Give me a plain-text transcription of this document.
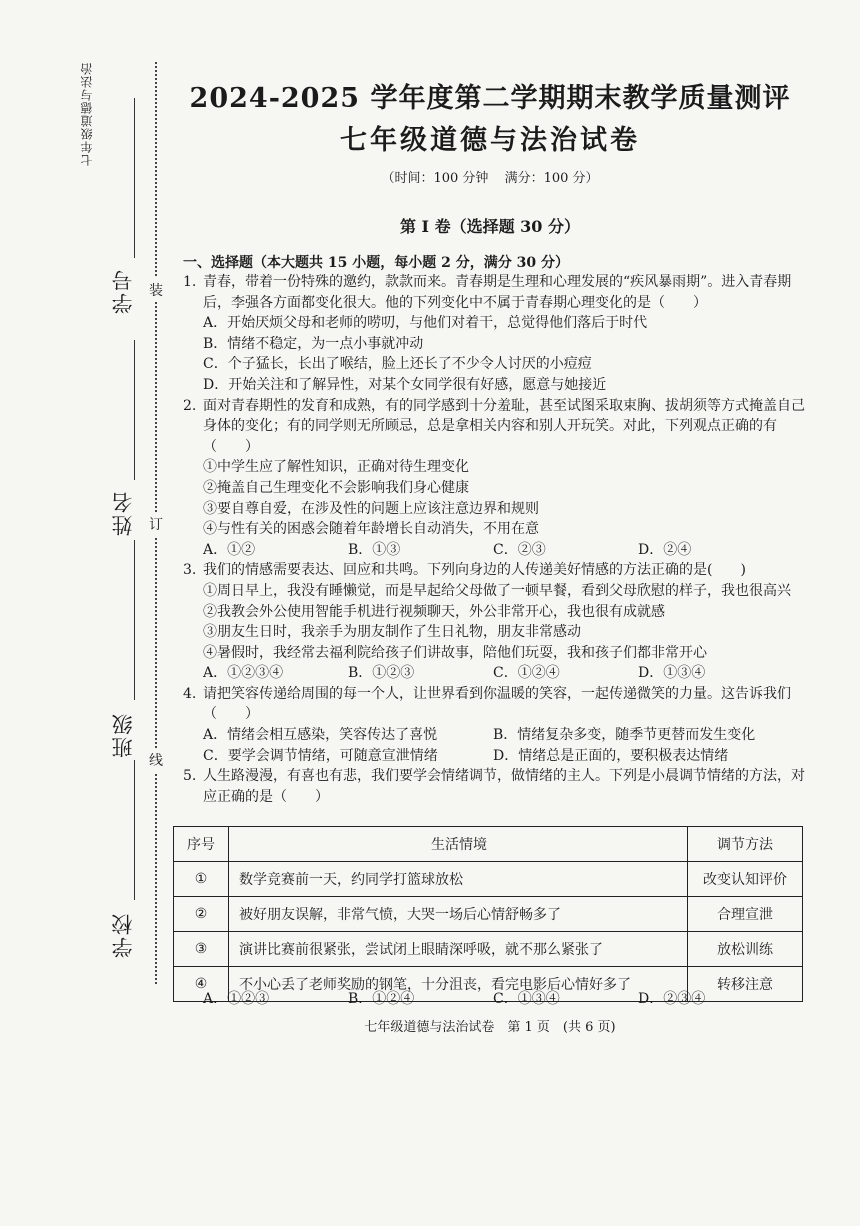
七年级道德与法治
学号
姓名
班级
学校
装
订
线
2024-2025 学年度第二学期期末教学质量测评
七年级道德与法治试卷
（时间：100 分钟 满分：100 分）
第 I 卷（选择题 30 分）
一、选择题（本大题共 15 小题，每小题 2 分，满分 30 分）
1. 青春，带着一份特殊的邀约，款款而来。青春期是生理和心理发展的“疾风暴雨期”。进入青春期后，李强各方面都变化很大。他的下列变化中不属于青春期心理变化的是（　　）
A．开始厌烦父母和老师的唠叨，与他们对着干，总觉得他们落后于时代
B．情绪不稳定，为一点小事就冲动
C．个子猛长，长出了喉结，脸上还长了不少令人讨厌的小痘痘
D．开始关注和了解异性，对某个女同学很有好感，愿意与她接近
2. 面对青春期性的发育和成熟，有的同学感到十分羞耻，甚至试图采取束胸、拔胡须等方式掩盖自己身体的变化；有的同学则无所顾忌，总是拿相关内容和别人开玩笑。对此，下列观点正确的有（　　）
①中学生应了解性知识，正确对待生理变化
②掩盖自己生理变化不会影响我们身心健康
③要自尊自爱，在涉及性的问题上应该注意边界和规则
④与性有关的困惑会随着年龄增长自动消失，不用在意
A．①②	B．①③	C．②③	D．②④
3. 我们的情感需要表达、回应和共鸣。下列向身边的人传递美好情感的方法正确的是(　　)
①周日早上，我没有睡懒觉，而是早起给父母做了一顿早餐，看到父母欣慰的样子，我也很高兴
②我教会外公使用智能手机进行视频聊天，外公非常开心，我也很有成就感
③朋友生日时，我亲手为朋友制作了生日礼物，朋友非常感动
④暑假时，我经常去福利院给孩子们讲故事，陪他们玩耍，我和孩子们都非常开心
A．①②③④	B．①②③	C．①②④	D．①③④
4. 请把笑容传递给周围的每一个人，让世界看到你温暖的笑容，一起传递微笑的力量。这告诉我们（　　）
A．情绪会相互感染，笑容传达了喜悦	B．情绪复杂多变，随季节更替而发生变化
C．要学会调节情绪，可随意宣泄情绪	D．情绪总是正面的，要积极表达情绪
5. 人生路漫漫，有喜也有悲，我们要学会情绪调节，做情绪的主人。下列是小晨调节情绪的方法，对应正确的是（　　）
序号	生活情境	调节方法
①	数学竞赛前一天，约同学打篮球放松	改变认知评价
②	被好朋友误解，非常气愤，大哭一场后心情舒畅多了	合理宣泄
③	演讲比赛前很紧张，尝试闭上眼睛深呼吸，就不那么紧张了	放松训练
④	不小心丢了老师奖励的钢笔，十分沮丧，看完电影后心情好多了	转移注意
A．①②③	B．①②④	C．①③④	D．②③④
七年级道德与法治试卷　第 1 页　(共 6 页)
